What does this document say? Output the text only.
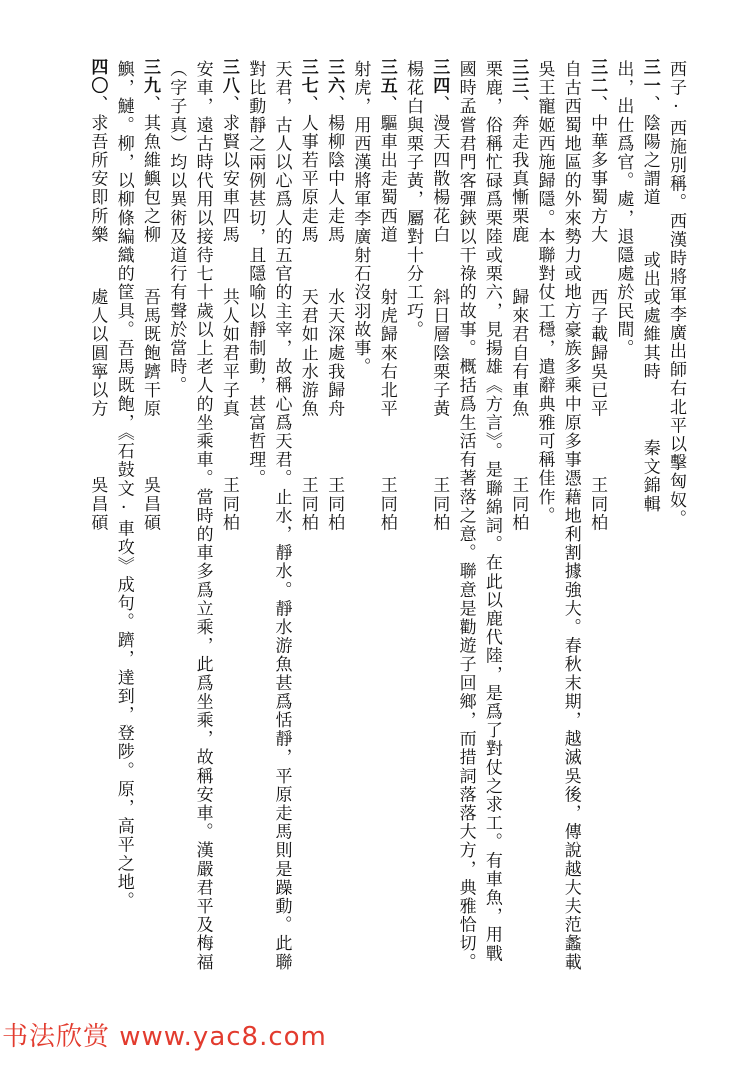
西子·西施別稱。西漢時將軍李廣出師右北平以擊匈奴。
三一、陰陽之謂道或出或處維其時秦文錦輯
出，出仕爲官。處，退隱處於民間。
三二、中華多事蜀方大西子載歸吳已平王同柏
自古西蜀地區的外來勢力或地方豪族多乘中原多事憑藉地利割據強大。春秋末期，越滅吳後，傳說越大夫范蠡載
吳王寵姬西施歸隱。本聯對仗工穩，遣辭典雅可稱佳作。
三三、奔走我真慚栗鹿歸來君自有車魚王同柏
栗鹿，俗稱忙碌爲栗陸或栗六，見揚雄《方言》。是聯綿詞。在此以鹿代陸，是爲了對仗之求工。有車魚，用戰
國時孟嘗君門客彈鋏以干祿的故事。概括爲生活有著落之意。聯意是勸遊子回鄉，而措詞落落大方，典雅恰切。
三四、漫天四散楊花白斜日層陰栗子黃王同柏
楊花白與栗子黃，屬對十分工巧。
三五、驅車出走蜀西道射虎歸來右北平王同柏
射虎，用西漢將軍李廣射石沒羽故事。
三六、楊柳陰中人走馬水天深處我歸舟王同柏
三七、人事若平原走馬天君如止水游魚王同柏
天君，古人以心爲人的五官的主宰，故稱心爲天君。止水，靜水。靜水游魚甚爲恬靜，平原走馬則是躁動。此聯
對比動靜之兩例甚切，且隱喻以靜制動，甚富哲理。
三八、求賢以安車四馬共人如君平子真王同柏
安車，遠古時代用以接待七十歲以上老人的坐乘車。當時的車多爲立乘，此爲坐乘，故稱安車。漢嚴君平及梅福
（字子真）均以異術及道行有聲於當時。
三九、其魚維鱮包之柳吾馬既飽躋干原吳昌碩
鱮，鰱。柳，以柳條編織的筐具。吾馬既飽，《石鼓文·車攻》成句。躋，達到，登陟。原，高平之地。
四〇、求吾所安即所樂處人以圓寧以方吳昌碩
书法欣赏 www.yac8.com
